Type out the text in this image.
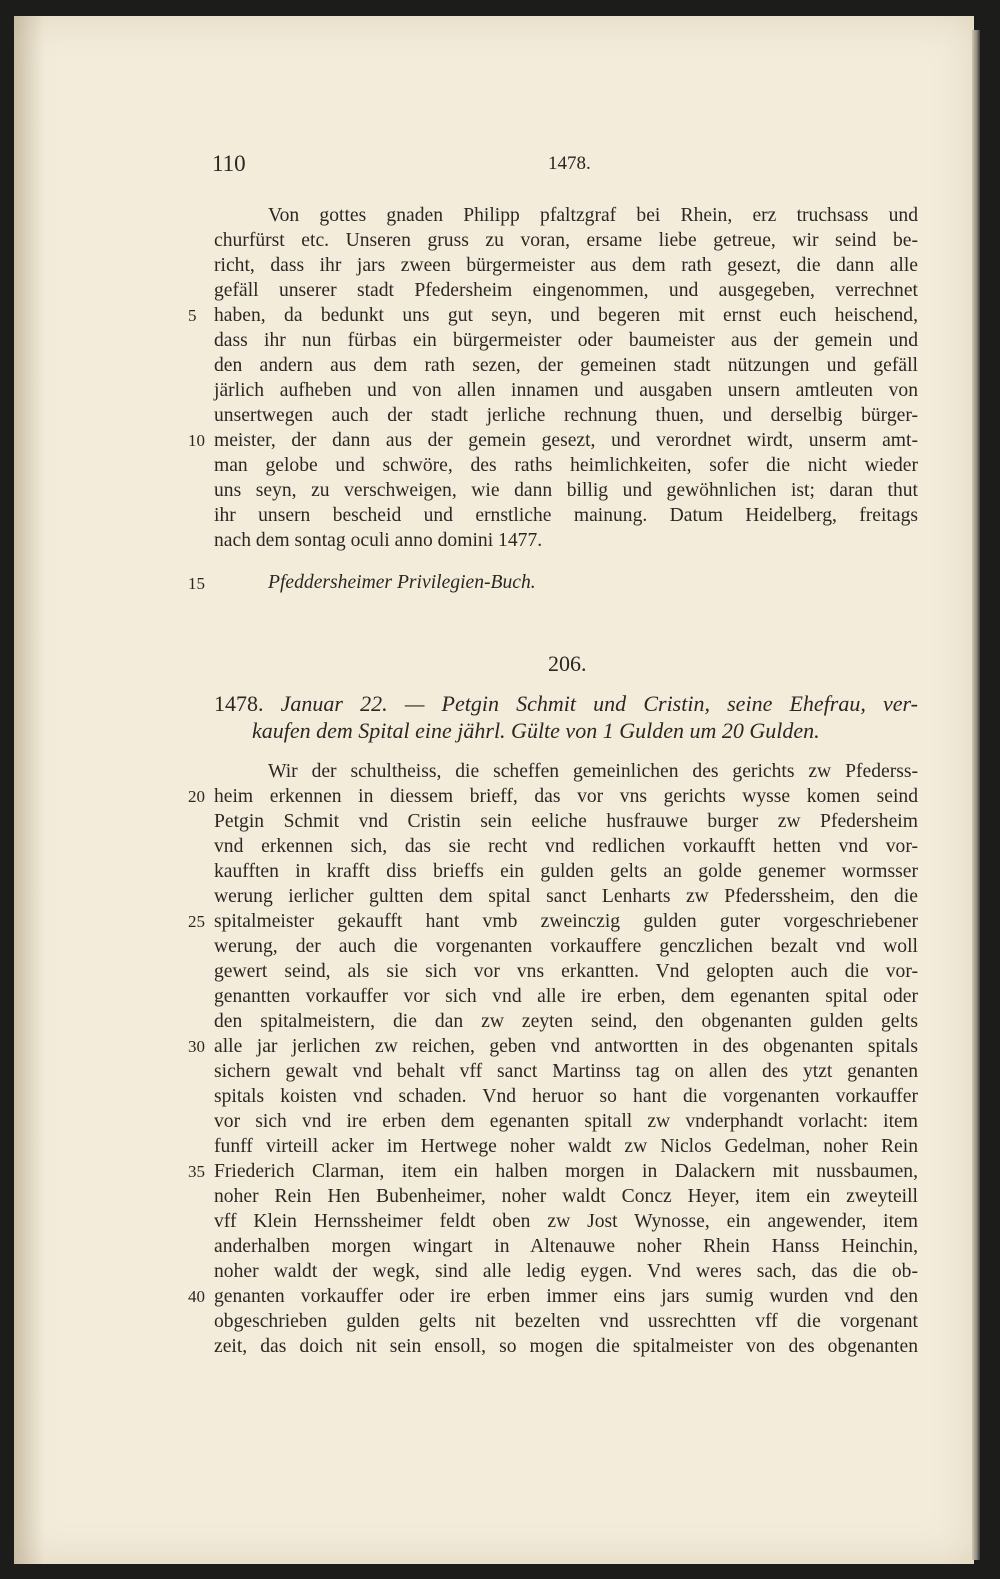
110	1478.
Von gottes gnaden Philipp pfaltzgraf bei Rhein, erz truchsass und
churfürst etc. Unseren gruss zu voran, ersame liebe getreue, wir seind be-
richt, dass ihr jars zween bürgermeister aus dem rath gesezt, die dann alle
gefäll unserer stadt Pfedersheim eingenommen, und ausgegeben, verrechnet
haben, da bedunkt uns gut seyn, und begeren mit ernst euch heischend,
dass ihr nun fürbas ein bürgermeister oder baumeister aus der gemein und
den andern aus dem rath sezen, der gemeinen stadt nützungen und gefäll
järlich aufheben und von allen innamen und ausgaben unsern amtleuten von
unsertwegen auch der stadt jerliche rechnung thuen, und derselbig bürger-
meister, der dann aus der gemein gesezt, und verordnet wirdt, unserm amt-
man gelobe und schwöre, des raths heimlichkeiten, sofer die nicht wieder
uns seyn, zu verschweigen, wie dann billig und gewöhnlichen ist; daran thut
ihr unsern bescheid und ernstliche mainung. Datum Heidelberg, freitags
nach dem sontag oculi anno domini 1477.
5
10
15	Pfeddersheimer Privilegien-Buch.
206.
1478. Januar 22. — Petgin Schmit und Cristin, seine Ehefrau, ver-
kaufen dem Spital eine jährl. Gülte von 1 Gulden um 20 Gulden.
Wir der schultheiss, die scheffen gemeinlichen des gerichts zw Pfederss-
heim erkennen in diessem brieff, das vor vns gerichts wysse komen seind
Petgin Schmit vnd Cristin sein eeliche husfrauwe burger zw Pfedersheim
vnd erkennen sich, das sie recht vnd redlichen vorkaufft hetten vnd vor-
kaufften in krafft diss brieffs ein gulden gelts an golde genemer wormsser
werung ierlicher gultten dem spital sanct Lenharts zw Pfederssheim, den die
spitalmeister gekaufft hant vmb zweinczig gulden guter vorgeschriebener
werung, der auch die vorgenanten vorkauffere genczlichen bezalt vnd woll
gewert seind, als sie sich vor vns erkantten. Vnd gelopten auch die vor-
genantten vorkauffer vor sich vnd alle ire erben, dem egenanten spital oder
den spitalmeistern, die dan zw zeyten seind, den obgenanten gulden gelts
alle jar jerlichen zw reichen, geben vnd antwortten in des obgenanten spitals
sichern gewalt vnd behalt vff sanct Martinss tag on allen des ytzt genanten
spitals koisten vnd schaden. Vnd heruor so hant die vorgenanten vorkauffer
vor sich vnd ire erben dem egenanten spitall zw vnderphandt vorlacht: item
funff virteill acker im Hertwege noher waldt zw Niclos Gedelman, noher Rein
Friederich Clarman, item ein halben morgen in Dalackern mit nussbaumen,
noher Rein Hen Bubenheimer, noher waldt Concz Heyer, item ein zweyteill
vff Klein Hernssheimer feldt oben zw Jost Wynosse, ein angewender, item
anderhalben morgen wingart in Altenauwe noher Rhein Hanss Heinchin,
noher waldt der wegk, sind alle ledig eygen. Vnd weres sach, das die ob-
genanten vorkauffer oder ire erben immer eins jars sumig wurden vnd den
obgeschrieben gulden gelts nit bezelten vnd ussrechtten vff die vorgenant
zeit, das doich nit sein ensoll, so mogen die spitalmeister von des obgenanten
20
25
30
35
40
